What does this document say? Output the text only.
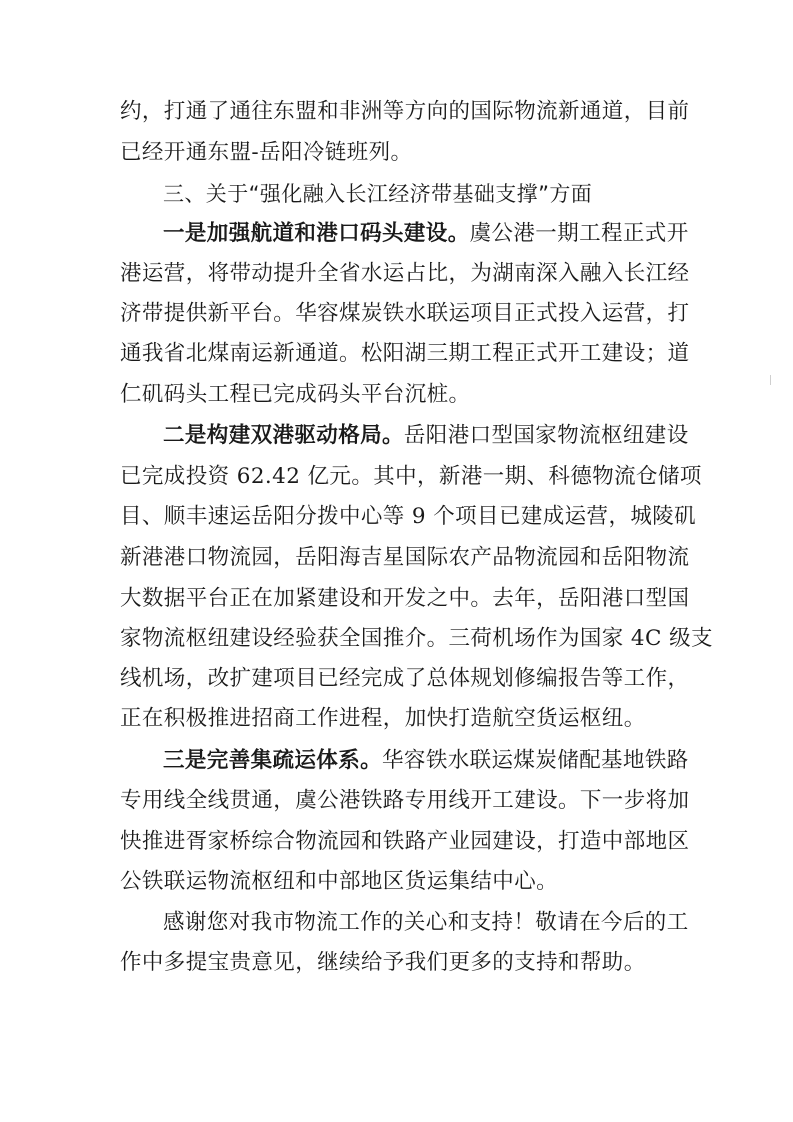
约，打通了通往东盟和非洲等方向的国际物流新通道，目前
已经开通东盟-岳阳冷链班列。
三、关于“强化融入长江经济带基础支撑”方面
一是加强航道和港口码头建设。虞公港一期工程正式开
港运营，将带动提升全省水运占比，为湖南深入融入长江经
济带提供新平台。华容煤炭铁水联运项目正式投入运营，打
通我省北煤南运新通道。松阳湖三期工程正式开工建设；道
仁矶码头工程已完成码头平台沉桩。
二是构建双港驱动格局。岳阳港口型国家物流枢纽建设
已完成投资 62.42 亿元。其中，新港一期、科德物流仓储项
目、顺丰速运岳阳分拨中心等 9 个项目已建成运营，城陵矶
新港港口物流园，岳阳海吉星国际农产品物流园和岳阳物流
大数据平台正在加紧建设和开发之中。去年，岳阳港口型国
家物流枢纽建设经验获全国推介。三荷机场作为国家 4C 级支
线机场，改扩建项目已经完成了总体规划修编报告等工作，
正在积极推进招商工作进程，加快打造航空货运枢纽。
三是完善集疏运体系。华容铁水联运煤炭储配基地铁路
专用线全线贯通，虞公港铁路专用线开工建设。下一步将加
快推进胥家桥综合物流园和铁路产业园建设，打造中部地区
公铁联运物流枢纽和中部地区货运集结中心。
感谢您对我市物流工作的关心和支持！敬请在今后的工
作中多提宝贵意见，继续给予我们更多的支持和帮助。
